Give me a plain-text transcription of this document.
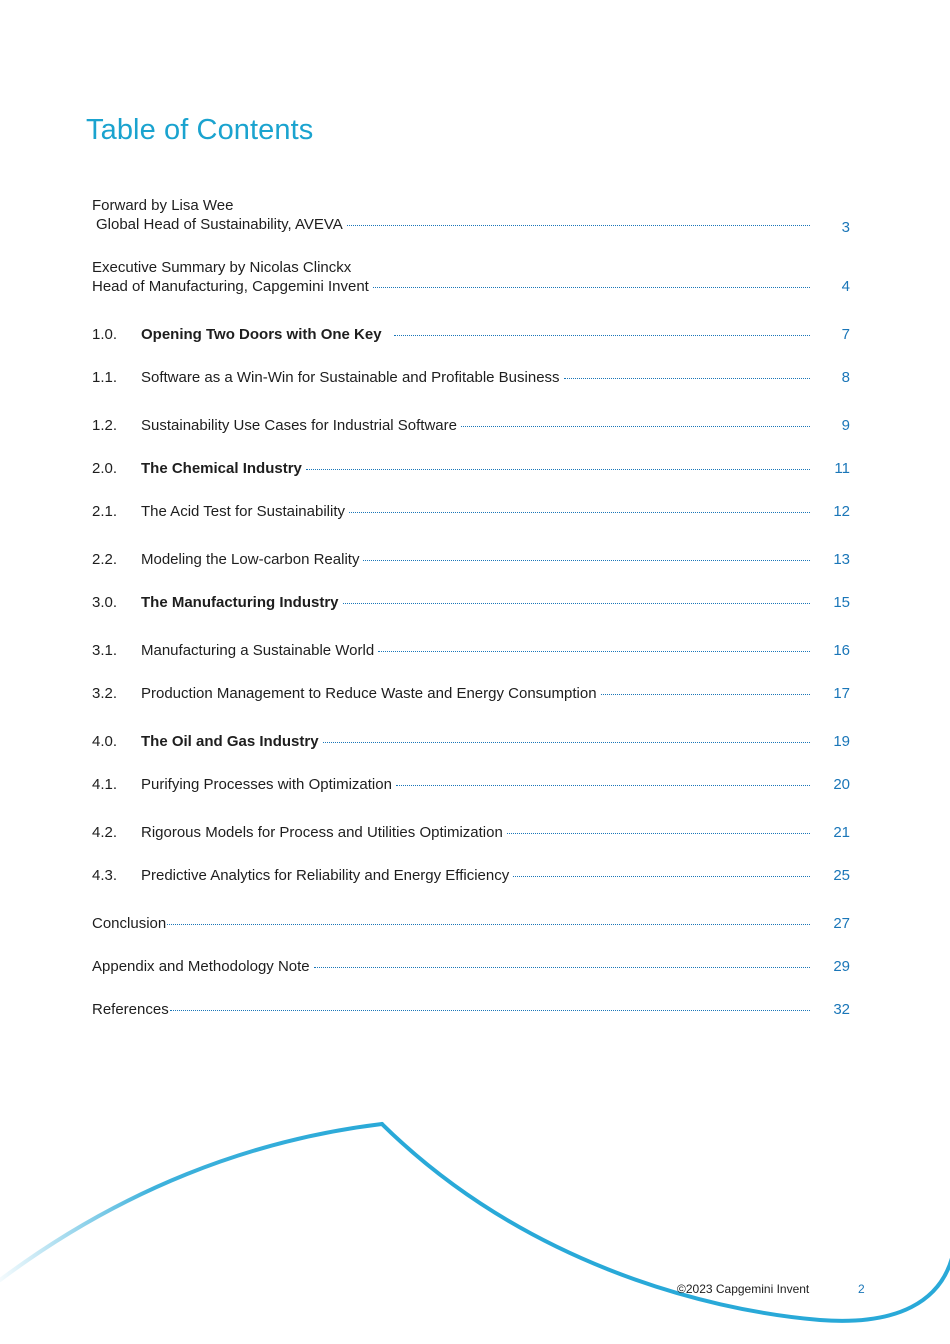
Table of Contents
Forward by Lisa Wee
Global Head of Sustainability, AVEVA	3
Executive Summary by Nicolas Clinckx
Head of Manufacturing, Capgemini Invent	4
1.0.	Opening Two Doors with One Key	7
1.1.	Software as a Win-Win for Sustainable and Profitable Business	8
1.2.	Sustainability Use Cases for Industrial Software	9
2.0.	The Chemical Industry	11
2.1.	The Acid Test for Sustainability	12
2.2.	Modeling the Low-carbon Reality	13
3.0.	The Manufacturing Industry	15
3.1.	Manufacturing a Sustainable World	16
3.2.	Production Management to Reduce Waste and Energy Consumption	17
4.0.	The Oil and Gas Industry	19
4.1.	Purifying Processes with Optimization	20
4.2.	Rigorous Models for Process and Utilities Optimization	21
4.3.	Predictive Analytics for Reliability and Energy Efficiency	25
Conclusion	27
Appendix and Methodology Note	29
References	32
©2023 Capgemini Invent	2
